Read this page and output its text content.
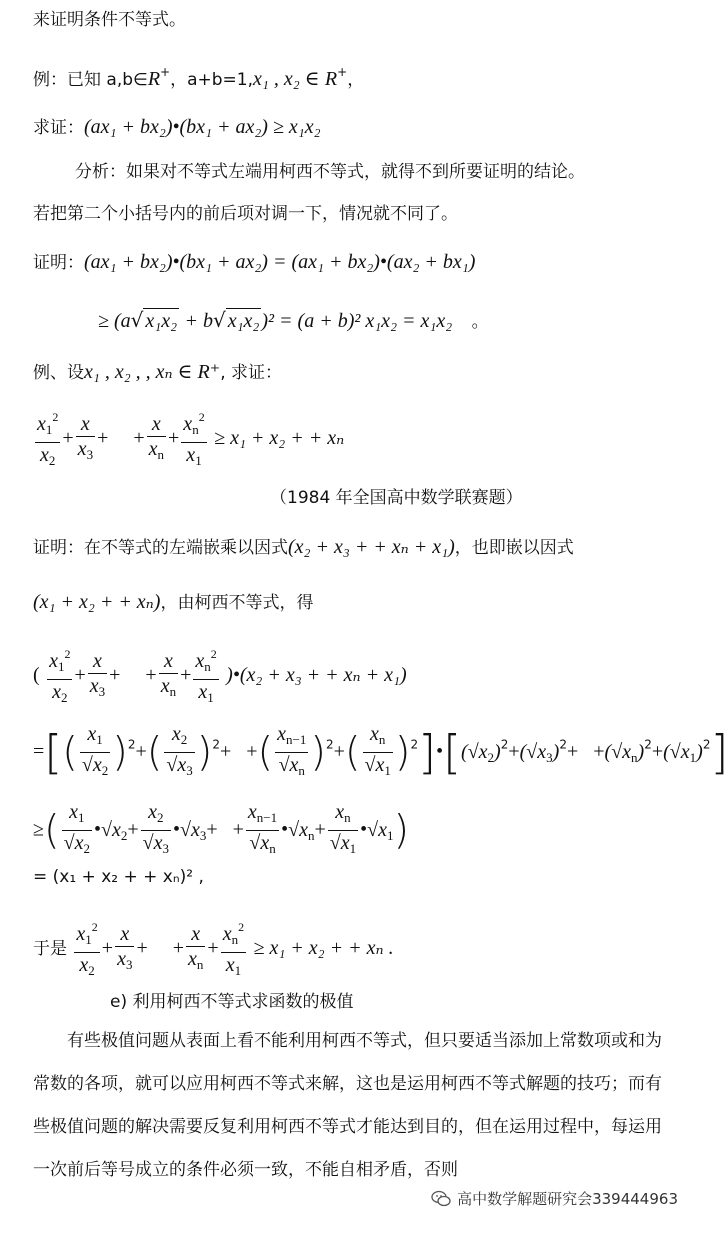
来证明条件不等式。
例：已知 a,b∈R+，a+b=1,x₁ , x₂ ∈ R+，
求证：(ax₁ + bx₂)•(bx₁ + ax₂) ≥ x₁x₂
分析：如果对不等式左端用柯西不等式，就得不到所要证明的结论。
若把第二个小括号内的前后项对调一下，情况就不同了。
证明：(ax₁ + bx₂)•(bx₁ + ax₂) = (ax₁ + bx₂)•(ax₂ + bx₁)
≥ (a√ x₁x₂ + b√ x₁x₂ )² = (a + b)² x₁x₂ = x₁x₂ 。
例、设x₁ , x₂ , , xₙ ∈ R⁺, 求证：
$\frac{x_1^2}{x_2} + \frac{x}{x_3}$ +     + $\frac{x}{x_n} + \frac{x_n^2}{x_1} \ge x_1 + x_2$ + + xₙ
（1984 年全国高中数学联赛题）
证明：在不等式的左端嵌乘以因式(x₂ + x₃ + + xₙ + x₁)，也即嵌以因式
(x₁ + x₂ + + xₙ)，由柯西不等式，得
( $\frac{x_1^2}{x_2} + \frac{x}{x_3}$ +     + $\frac{x}{x_n} + \frac{x_n^2}{x_1}$ )•(x₂ + x₃ + + xₙ + x₁)
=[( $\frac{x_1}{√x_2} )^2+( \frac{x_2}{√x_3} )^2+$   +( $\frac{x_{n-1}}{√x_n} )^2+( \frac{x_n}{√x_1}$ )$^2]•[(√x_2)^2+(√x_3)^2+ +(√x_n)^2+(√x_1)^2]$
≥( $\frac{x_1}{√x_2}$ $•√x_2+ \frac{x_2}{√x_3}$ $•√x_3+ + \frac{x_{n-1}}{√x_n}$ $•√x_n+ \frac{x_n}{√x_1}$ $•√x_1$)
= (x₁ + x₂ + + xₙ)² ,
于是 $\frac{x_1^2}{x_2} + \frac{x}{x_3}$ +     + $\frac{x}{x_n} + \frac{x_n^2}{x_1} \ge x_1 + x_2$ + + xₙ .
e) 利用柯西不等式求函数的极值
有些极值问题从表面上看不能利用柯西不等式，但只要适当添加上常数项或和为常数的各项，就可以应用柯西不等式来解，这也是运用柯西不等式解题的技巧；而有些极值问题的解决需要反复利用柯西不等式才能达到目的，但在运用过程中，每运用一次前后等号成立的条件必须一致，不能自相矛盾，否则
高中数学解题研究会339444963
